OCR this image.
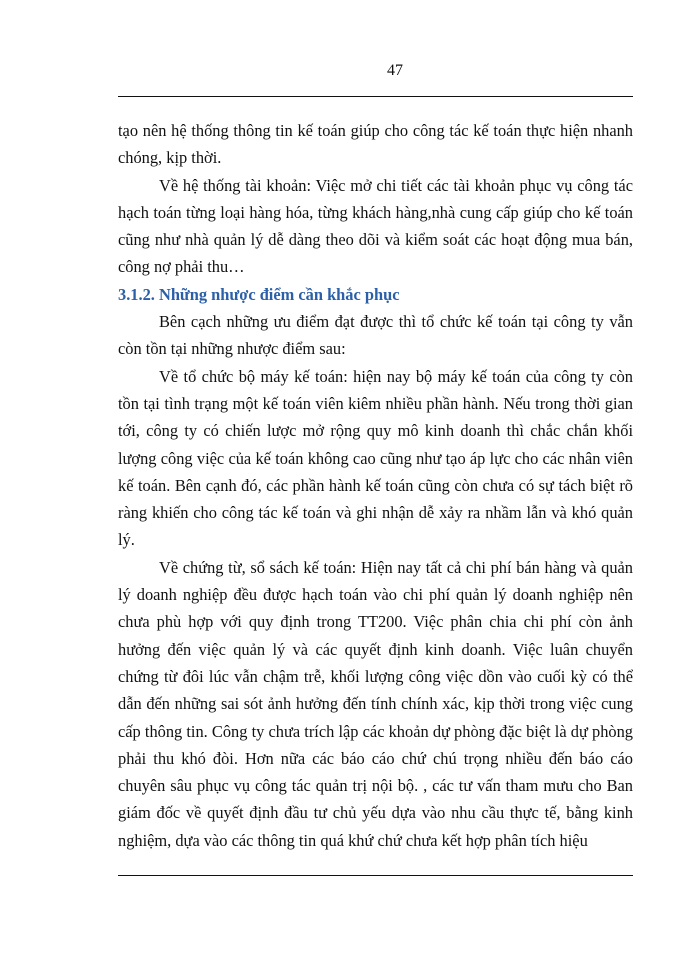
47

tạo nên hệ thống thông tin kế toán giúp cho công tác kế toán thực hiện nhanh chóng, kịp thời.

Về hệ thống tài khoản: Việc mở chi tiết các tài khoản phục vụ công tác hạch toán từng loại hàng hóa, từng khách hàng,nhà cung cấp giúp cho kế toán cũng như nhà quản lý dễ dàng theo dõi và kiểm soát các hoạt động mua bán, công nợ phải thu…

3.1.2. Những nhược điểm cần khắc phục

Bên cạch những ưu điểm đạt được thì tổ chức kế toán tại công ty vẫn còn tồn tại những nhược điểm sau:

Về tổ chức bộ máy kế toán: hiện nay bộ máy kế toán của công ty còn tồn tại tình trạng một kế toán viên kiêm nhiều phần hành. Nếu trong thời gian tới, công ty có chiến lược mở rộng quy mô kinh doanh thì chắc chắn khối lượng công việc của kế toán không cao cũng như tạo áp lực cho các nhân viên kế toán. Bên cạnh đó, các phần hành kế toán cũng còn chưa có sự tách biệt rõ ràng khiến cho công tác kế toán và ghi nhận dễ xảy ra nhầm lẫn và khó quản lý.

Về chứng từ, sổ sách kế toán: Hiện nay tất cả chi phí bán hàng và quản lý doanh nghiệp đều được hạch toán vào chi phí quản lý doanh nghiệp nên chưa phù hợp với quy định trong TT200. Việc phân chia chi phí còn ảnh hưởng đến việc quản lý và các quyết định kinh doanh. Việc luân chuyển chứng từ đôi lúc vẫn chậm trễ, khối lượng công việc dồn vào cuối kỳ có thể dẫn đến những sai sót ảnh hưởng đến tính chính xác, kịp thời trong việc cung cấp thông tin. Công ty chưa trích lập các khoản dự phòng đặc biệt là dự phòng phải thu khó đòi. Hơn nữa các báo cáo chứ chú trọng nhiều đến báo cáo chuyên sâu phục vụ công tác quản trị nội bộ. , các tư vấn tham mưu cho Ban giám đốc về quyết định đầu tư chủ yếu dựa vào nhu cầu thực tế, bằng kinh nghiệm, dựa vào các thông tin quá khứ chứ chưa kết hợp phân tích hiệu
